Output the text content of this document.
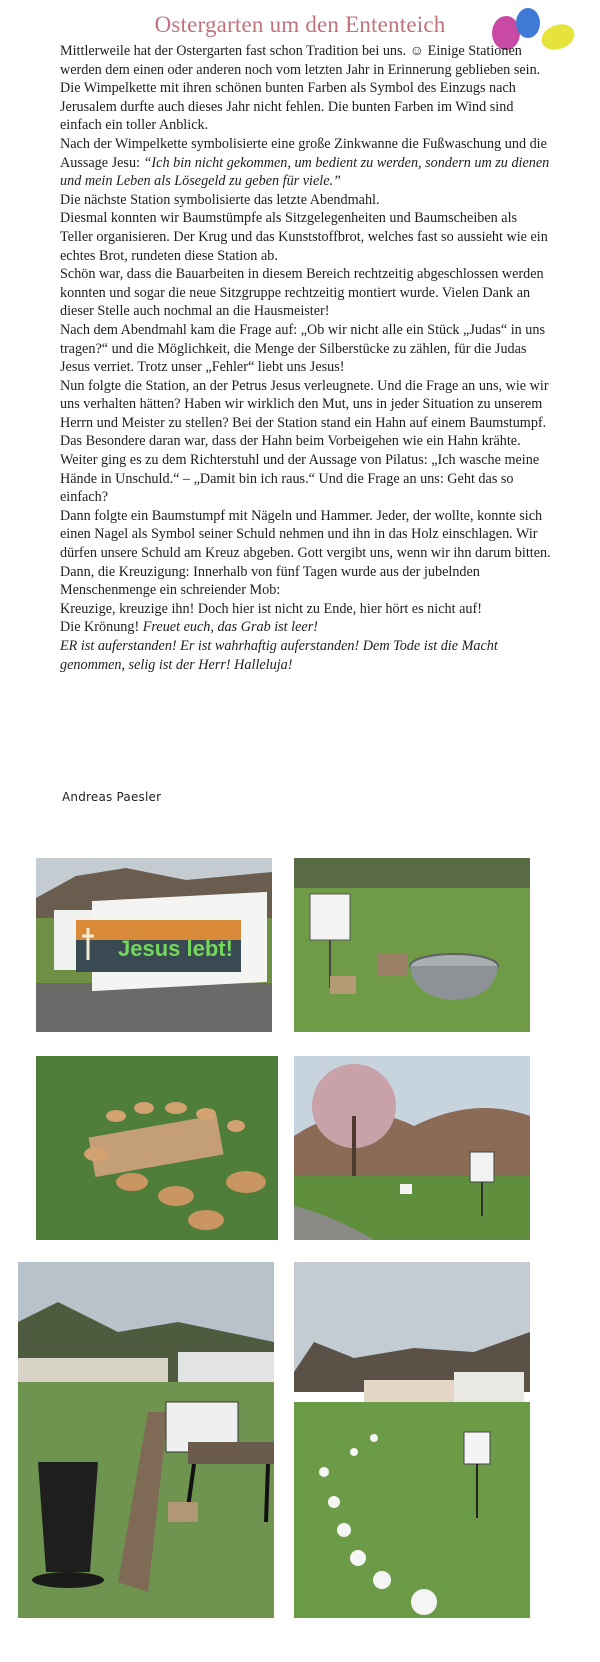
Ostergarten um den Ententeich

Mittlerweile hat der Ostergarten fast schon Tradition bei uns. ☺ Einige Stationen werden dem einen oder anderen noch vom letzten Jahr in Erinnerung geblieben sein.

Die Wimpelkette mit ihren schönen bunten Farben als Symbol des Einzugs nach Jerusalem durfte auch dieses Jahr nicht fehlen. Die bunten Farben im Wind sind einfach ein toller Anblick.

Nach der Wimpelkette symbolisierte eine große Zinkwanne die Fußwaschung und die Aussage Jesu: “Ich bin nicht gekommen, um bedient zu werden, sondern um zu dienen und mein Leben als Lösegeld zu geben für viele.”

Die nächste Station symbolisierte das letzte Abendmahl.

Diesmal konnten wir Baumstümpfe als Sitzgelegenheiten und Baumscheiben als Teller organisieren. Der Krug und das Kunststoffbrot, welches fast so aussieht wie ein echtes Brot, rundeten diese Station ab.

Schön war, dass die Bauarbeiten in diesem Bereich rechtzeitig abgeschlossen werden konnten und sogar die neue Sitzgruppe rechtzeitig montiert wurde. Vielen Dank an dieser Stelle auch nochmal an die Hausmeister!

Nach dem Abendmahl kam die Frage auf: „Ob wir nicht alle ein Stück „Judas“ in uns tragen?“ und die Möglichkeit, die Menge der Silberstücke zu zählen, für die Judas Jesus verriet. Trotz unser „Fehler“ liebt uns Jesus!

Nun folgte die Station, an der Petrus Jesus verleugnete. Und die Frage an uns, wie wir uns verhalten hätten? Haben wir wirklich den Mut, uns in jeder Situation zu unserem Herrn und Meister zu stellen? Bei der Station stand ein Hahn auf einem Baumstumpf. Das Besondere daran war, dass der Hahn beim Vorbeigehen wie ein Hahn krähte.

Weiter ging es zu dem Richterstuhl und der Aussage von Pilatus: „Ich wasche meine Hände in Unschuld.“ – „Damit bin ich raus.“ Und die Frage an uns: Geht das so einfach?

Dann folgte ein Baumstumpf mit Nägeln und Hammer. Jeder, der wollte, konnte sich einen Nagel als Symbol seiner Schuld nehmen und ihn in das Holz einschlagen. Wir dürfen unsere Schuld am Kreuz abgeben. Gott vergibt uns, wenn wir ihn darum bitten.

Dann, die Kreuzigung: Innerhalb von fünf Tagen wurde aus der jubelnden Menschenmenge ein schreiender Mob:

Kreuzige, kreuzige ihn! Doch hier ist nicht zu Ende, hier hört es nicht auf!

Die Krönung! Freuet euch, das Grab ist leer!

ER ist auferstanden! Er ist wahrhaftig auferstanden! Dem Tode ist die Macht genommen, selig ist der Herr! Halleluja!

Andreas Paesler
Jesus lebt!
